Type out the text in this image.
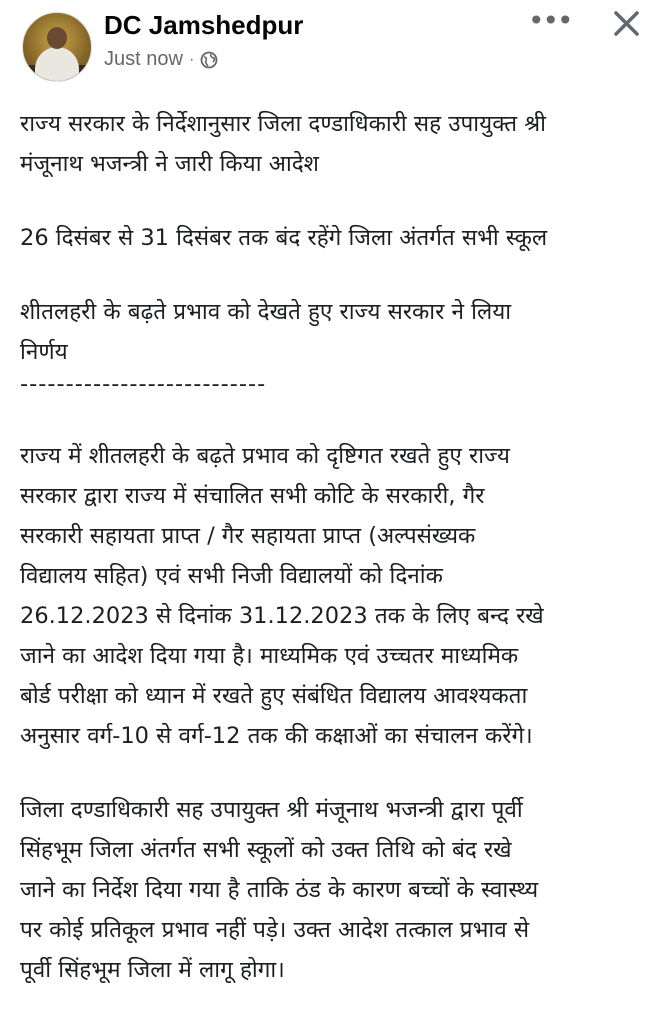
DC Jamshedpur
Just now ·
•••

राज्य सरकार के निर्देशानुसार जिला दण्डाधिकारी सह उपायुक्त श्री

मंजूनाथ भजन्त्री ने जारी किया आदेश

26 दिसंबर से 31 दिसंबर तक बंद रहेंगे जिला अंतर्गत सभी स्कूल

शीतलहरी के बढ़ते प्रभाव को देखते हुए राज्य सरकार ने लिया

निर्णय

---------------------------

राज्य में शीतलहरी के बढ़ते प्रभाव को दृष्टिगत रखते हुए राज्य

सरकार द्वारा राज्य में संचालित सभी कोटि के सरकारी, गैर

सरकारी सहायता प्राप्त / गैर सहायता प्राप्त (अल्पसंख्यक

विद्यालय सहित) एवं सभी निजी विद्यालयों को दिनांक

26.12.2023 से दिनांक 31.12.2023 तक के लिए बन्द रखे

जाने का आदेश दिया गया है। माध्यमिक एवं उच्चतर माध्यमिक

बोर्ड परीक्षा को ध्यान में रखते हुए संबंधित विद्यालय आवश्यकता

अनुसार वर्ग-10 से वर्ग-12 तक की कक्षाओं का संचालन करेंगे।

जिला दण्डाधिकारी सह उपायुक्त श्री मंजूनाथ भजन्त्री द्वारा पूर्वी

सिंहभूम जिला अंतर्गत सभी स्कूलों को उक्त तिथि को बंद रखे

जाने का निर्देश दिया गया है ताकि ठंड के कारण बच्चों के स्वास्थ्य

पर कोई प्रतिकूल प्रभाव नहीं पड़े। उक्त आदेश तत्काल प्रभाव से

पूर्वी सिंहभूम जिला में लागू होगा।
